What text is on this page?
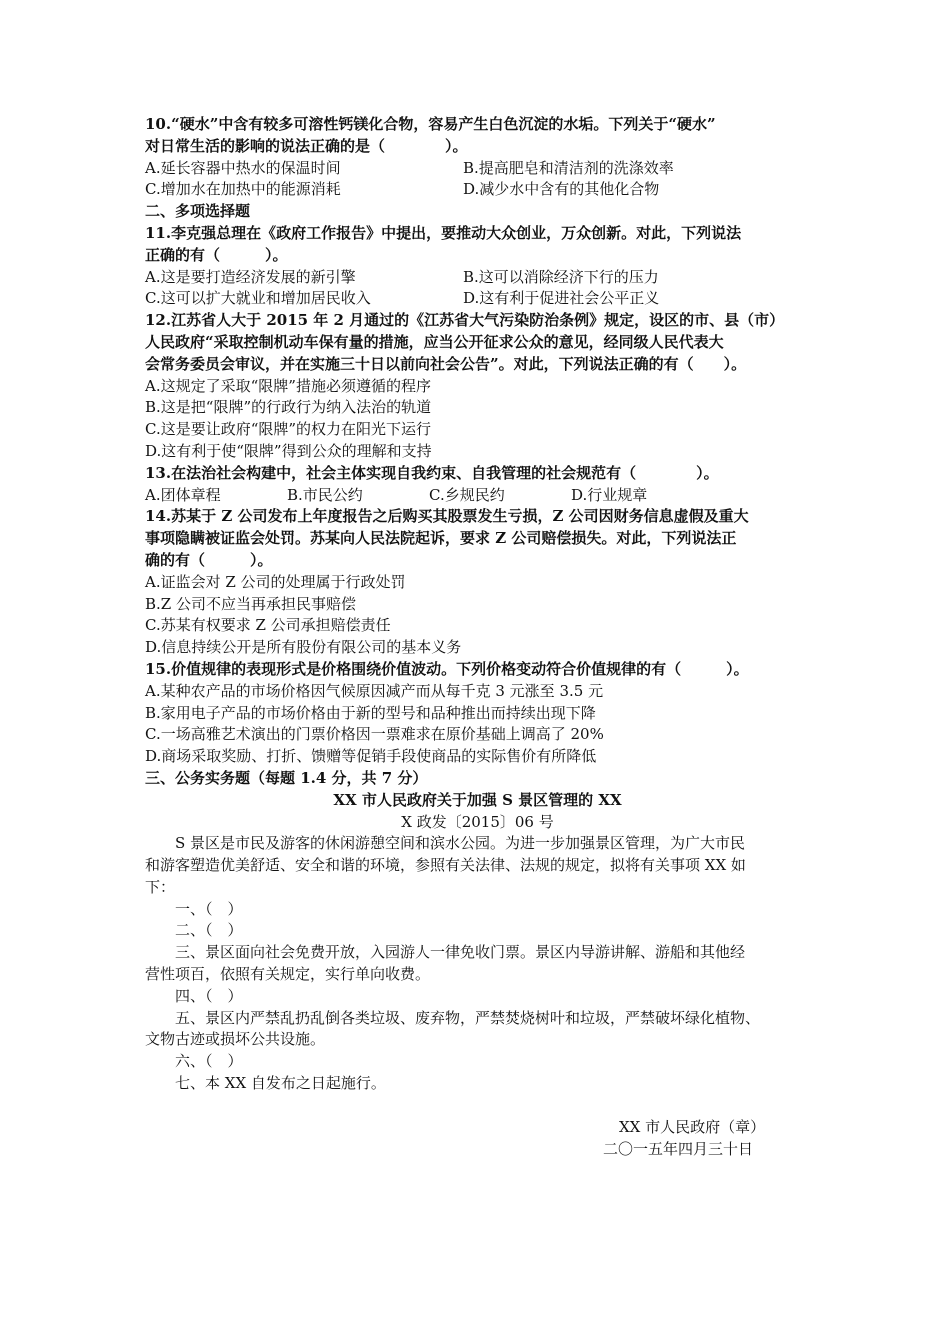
10.“硬水”中含有较多可溶性钙镁化合物，容易产生白色沉淀的水垢。下列关于“硬水”
对日常生活的影响的说法正确的是（　　　　）。
A.延长容器中热水的保温时间	B.提高肥皂和清洁剂的洗涤效率
C.增加水在加热中的能源消耗	D.减少水中含有的其他化合物
二、多项选择题
11.李克强总理在《政府工作报告》中提出，要推动大众创业，万众创新。对此，下列说法
正确的有（　　　）。
A.这是要打造经济发展的新引擎	B.这可以消除经济下行的压力
C.这可以扩大就业和增加居民收入	D.这有利于促进社会公平正义
12.江苏省人大于 2015 年 2 月通过的《江苏省大气污染防治条例》规定，设区的市、县（市）
人民政府“采取控制机动车保有量的措施，应当公开征求公众的意见，经同级人民代表大
会常务委员会审议，并在实施三十日以前向社会公告”。对此，下列说法正确的有（　　）。
A.这规定了采取“限牌”措施必须遵循的程序
B.这是把“限牌”的行政行为纳入法治的轨道
C.这是要让政府“限牌”的权力在阳光下运行
D.这有利于使“限牌”得到公众的理解和支持
13.在法治社会构建中，社会主体实现自我约束、自我管理的社会规范有（　　　　）。
A.团体章程	B.市民公约	C.乡规民约	D.行业规章
14.苏某于 Z 公司发布上年度报告之后购买其股票发生亏损，Z 公司因财务信息虚假及重大
事项隐瞒被证监会处罚。苏某向人民法院起诉，要求 Z 公司赔偿损失。对此，下列说法正
确的有（　　　）。
A.证监会对 Z 公司的处理属于行政处罚
B.Z 公司不应当再承担民事赔偿
C.苏某有权要求 Z 公司承担赔偿责任
D.信息持续公开是所有股份有限公司的基本义务
15.价值规律的表现形式是价格围绕价值波动。下列价格变动符合价值规律的有（　　　）。
A.某种农产品的市场价格因气候原因减产而从每千克 3 元涨至 3.5 元
B.家用电子产品的市场价格由于新的型号和品种推出而持续出现下降
C.一场高雅艺术演出的门票价格因一票难求在原价基础上调高了 20%
D.商场采取奖励、打折、馈赠等促销手段使商品的实际售价有所降低
三、公务实务题（每题 1.4 分，共 7 分）
XX 市人民政府关于加强 S 景区管理的 XX
X 政发〔2015〕06 号
S 景区是市民及游客的休闲游憩空间和滨水公园。为进一步加强景区管理，为广大市民
和游客塑造优美舒适、安全和谐的环境，参照有关法律、法规的规定，拟将有关事项 XX 如
下：
一、（　）
二、（　）
三、景区面向社会免费开放，入园游人一律免收门票。景区内导游讲解、游船和其他经
营性项百，依照有关规定，实行单向收费。
四、（　）
五、景区内严禁乱扔乱倒各类垃圾、废弃物，严禁焚烧树叶和垃圾，严禁破坏绿化植物、
文物古迹或损坏公共设施。
六、（　）
七、本 XX 自发布之日起施行。
XX 市人民政府（章）
二〇一五年四月三十日
